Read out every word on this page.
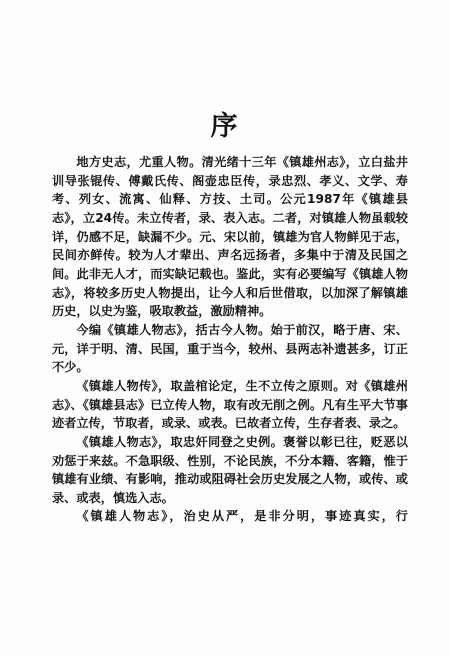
序

地方史志，尤重人物。清光绪十三年《镇雄州志》，立白盐井训导张锟传、傅戴氏传、阁壶忠臣传，录忠烈、孝义、文学、寿考、列女、流寓、仙释、方技、土司。公元1987年《镇雄县志》，立24传。未立传者，录、表入志。二者，对镇雄人物虽载较详，仍感不足，缺漏不少。元、宋以前，镇雄为官人物鲜见于志，民间亦鲜传。较为人才辈出、声名远扬者，多集中于清及民国之间。此非无人才，而实缺记载也。鉴此，实有必要编写《镇雄人物志》，将较多历史人物提出，让今人和后世借取，以加深了解镇雄历史，以史为鉴，吸取教益，激励精神。

今编《镇雄人物志》，括古今人物。始于前汉，略于唐、宋、元，详于明、清、民国，重于当今，较州、县两志补遗甚多，订正不少。

《镇雄人物传》，取盖棺论定，生不立传之原则。对《镇雄州志》、《镇雄县志》已立传人物，取有改无削之例。凡有生平大节事迹者立传，节取者，或录、或表。已故者立传，生存者表、录之。

《镇雄人物志》，取忠奸同登之史例。褒誉以彰已往，贬恶以劝惩于来兹。不急职级、性别，不论民族，不分本籍、客籍，惟于镇雄有业绩、有影响，推动或阻碍社会历史发展之人物，或传、或录、或表，慎选入志。

《镇雄人物志》，治史从严，是非分明，事迹真实，行
